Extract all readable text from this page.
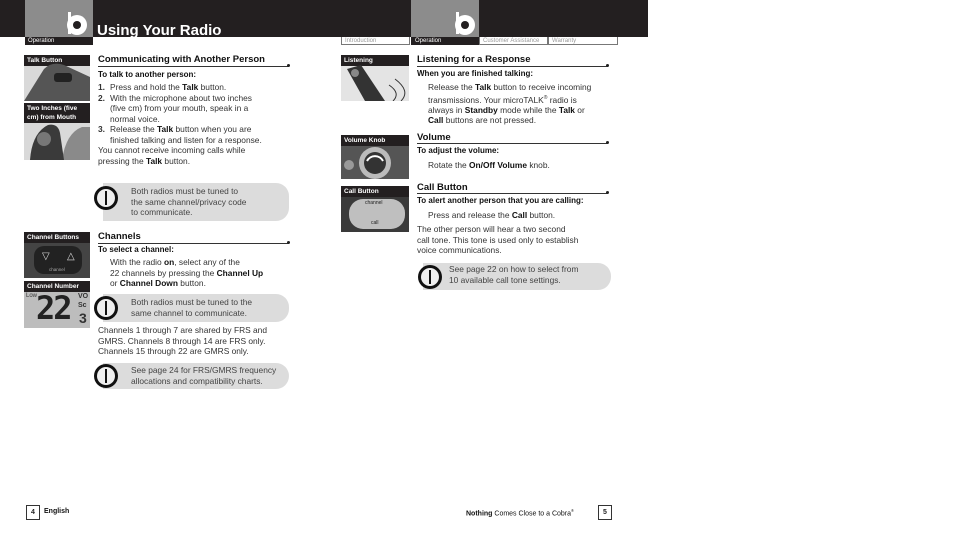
Using Your Radio
Operation	Introduction	Operation	Customer Assistance	Warranty
Talk Button
Two Inches (five cm) from Mouth
Channel Buttons
▽ △
channel
Channel Number
Low
22 VO
Sc
3
Communicating with Another Person
To talk to another person:
1. Press and hold the Talk button.
2. With the microphone about two inches
(five cm) from your mouth, speak in a
normal voice.
3. Release the Talk button when you are
finished talking and listen for a response.
You cannot receive incoming calls while
pressing the Talk button.
Both radios must be tuned to
the same channel/privacy code
to communicate.
Channels
To select a channel:
With the radio on, select any of the
22 channels by pressing the Channel Up
or Channel Down button.
Both radios must be tuned to the
same channel to communicate.
Channels 1 through 7 are shared by FRS and
GMRS. Channels 8 through 14 are FRS only.
Channels 15 through 22 are GMRS only.
See page 24 for FRS/GMRS frequency
allocations and compatibility charts.
Listening
Volume Knob
Call Button
channel
call
Listening for a Response
When you are finished talking:
Release the Talk button to receive incoming
transmissions. Your microTALK® radio is
always in Standby mode while the Talk or
Call buttons are not pressed.
Volume
To adjust the volume:
Rotate the On/Off Volume knob.
Call Button
To alert another person that you are calling:
Press and release the Call button.
The other person will hear a two second
call tone. This tone is used only to establish
voice communications.
See page 22 on how to select from
10 available call tone settings.
4	English	Nothing Comes Close to a Cobra®	5
